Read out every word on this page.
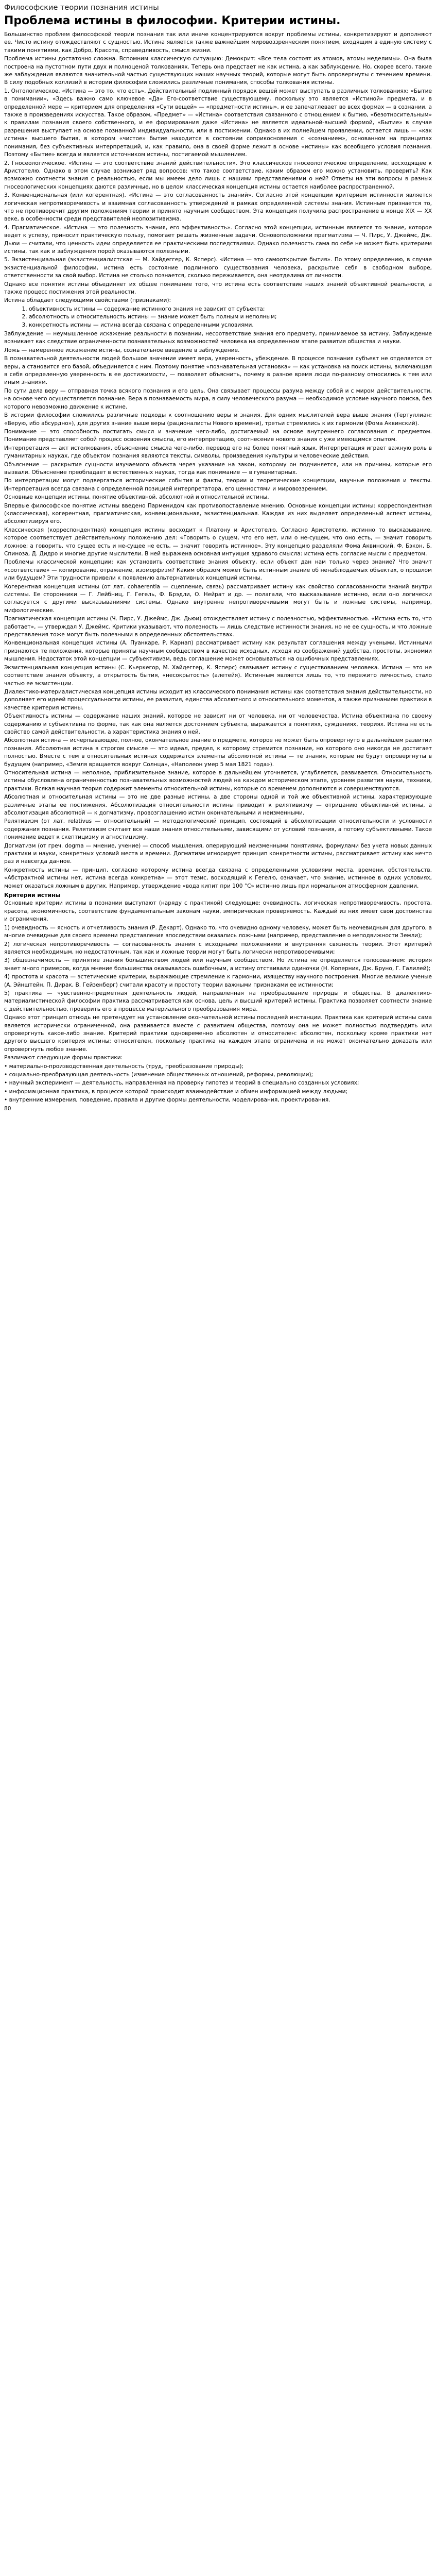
Философские теории познания истины
Проблема истины в философии. Критерии истины.

Большинство проблем философской теории познания так или иначе концентрируются вокруг проблемы истины, конкретизируют и дополняют ее. Чисто истину отождествляют с сущностью. Истина является также важнейшим мировоззренческим понятием, входящим в единую систему с такими понятиями, как Добро, Красота, справедливость, смысл жизни.

Проблема истины достаточно сложна. Вспомним классическую ситуацию: Демокрит: «Все тела состоят из атомов, атомы неделимы». Она была построена на пустотном пути двух и полноценой толкованиях. Теперь она предстает не как истина, а как заблуждение. Но, скорее всего, такие же заблуждения являются значительной частью существующих наших научных теорий, которые могут быть опровергнуты с течением времени. В силу подобных коллизий в истории философии сложились различные понимания, способы толкования истины.

1. Онтологическое. «Истина — это то, что есть». Действительный подлинный порядок вещей может выступать в различных толкованиях: «Бытие в понимании», «Здесь важно само ключевое «Да» Его-соответствие существующему, поскольку это является «Истиной» предмета, и в определенной мере — критерием для определения «Сути вещей» — «предметности истины», и ее запечатлевает во всех формах — в сознании, а также в произведениях искусства. Такое образом, «Предмет» — «Истина» соответствия связанного с отношением к бытию, «безотносительным» к правилам познания своего собственного, и ее формирования даже «Истина» не является идеальной-высшей формой, «Бытие» в случае разрешения выступает на основе познанной индивидуальности, или в постижении. Однако в их полнейшем проявлении, остается лишь — «как истина» высшего бытия, в котором «чистое» бытие находится в состоянии соприкосновения с «сознанием», основанном на принципах понимания, без субъективных интерпретаций, и, как правило, она в своей форме лежит в основе «истины» как всеобщего условия познания. Поэтому «Бытие» всегда и является источником истины, постигаемой мышлением.

2. Гносеологическое. «Истина — это соответствие знаний действительности». Это классическое гносеологическое определение, восходящее к Аристотелю. Однако в этом случае возникает ряд вопросов: что такое соответствие, каким образом его можно установить, проверить? Как возможно соотнести знания с реальностью, если мы имеем дело лишь с нашими представлениями о ней? Ответы на эти вопросы в разных гносеологических концепциях даются различные, но в целом классическая концепция истины остается наиболее распространенной.

3. Конвенциональная (или когерентная). «Истина — это согласованность знаний». Согласно этой концепции критерием истинности является логическая непротиворечивость и взаимная согласованность утверждений в рамках определенной системы знания. Истинным признается то, что не противоречит другим положениям теории и принято научным сообществом. Эта концепция получила распространение в конце XIX — XX веке, в особенности среди представителей неопозитивизма.

4. Прагматическое. «Истина — это полезность знания, его эффективность». Согласно этой концепции, истинным является то знание, которое ведет к успеху, приносит практическую пользу, помогает решать жизненные задачи. Основоположники прагматизма — Ч. Пирс, У. Джеймс, Дж. Дьюи — считали, что ценность идеи определяется ее практическими последствиями. Однако полезность сама по себе не может быть критерием истины, так как и заблуждения порой оказываются полезными.

5. Экзистенциальная (экзистенциалистская — М. Хайдеггер, К. Ясперс). «Истина — это самооткрытие бытия». По этому определению, в случае экзистенциальной философии, истина есть состояние подлинного существования человека, раскрытие себя в свободном выборе, ответственности за свой выбор. Истина не столько познается, сколько переживается, она неотделима от личности.

Однако все понятия истины объединяет их общее понимание того, что истина есть соответствие наших знаний объективной реальности, а также процесс постижения этой реальности.

Истина обладает следующими свойствами (признаками):

1. объективность истины — содержание истинного знания не зависит от субъекта;
2. абсолютность и относительность истины — знание может быть полным и неполным;
3. конкретность истины — истина всегда связана с определенными условиями.

Заблуждение — неумышленное искажение реальности в познании, несоответствие знания его предмету, принимаемое за истину. Заблуждение возникает как следствие ограниченности познавательных возможностей человека на определенном этапе развития общества и науки.

Ложь — намеренное искажение истины, сознательное введение в заблуждение.

В познавательной деятельности людей большое значение имеет вера, уверенность, убеждение. В процессе познания субъект не отделяется от веры, а становится его базой, объединяется с ним. Поэтому понятие «познавательная установка» — как установка на поиск истины, включающая в себя определенную уверенность в ее достижимости, — позволяет объяснить, почему в разное время люди по-разному относились к тем или иным знаниям.

По сути дела веру — отправная точка всякого познания и его цель. Она связывает процессы разума между собой и с миром действительности, на основе чего осуществляется познание. Вера в познаваемость мира, в силу человеческого разума — необходимое условие научного поиска, без которого невозможно движение к истине.

В истории философии сложились различные подходы к соотношению веры и знания. Для одних мыслителей вера выше знания (Тертуллиан: «Верую, ибо абсурдно»), для других знание выше веры (рационалисты Нового времени), третьи стремились к их гармонии (Фома Аквинский).

Понимание — это способность постигать смысл и значение чего-либо, достигаемый на основе внутреннего согласования с предметом. Понимание представляет собой процесс освоения смысла, его интерпретацию, соотнесение нового знания с уже имеющимся опытом.

Интерпретация — акт истолкования, объяснение смысла чего-либо, перевод его на более понятный язык. Интерпретация играет важную роль в гуманитарных науках, где объектом познания являются тексты, символы, произведения культуры и человеческие действия.

Объяснение — раскрытие сущности изучаемого объекта через указание на закон, которому он подчиняется, или на причины, которые его вызвали. Объяснение преобладает в естественных науках, тогда как понимание — в гуманитарных.

По интерпретации могут подвергаться исторические события и факты, теории и теоретические концепции, научные положения и тексты. Интерпретация всегда связана с определенной позицией интерпретатора, его ценностями и мировоззрением.

Основные концепции истины, понятие объективной, абсолютной и относительной истины.

Впервые философское понятие истины введено Парменидом как противопоставление мнению. Основные концепции истины: корреспондентная (классическая), когерентная, прагматическая, конвенциональная, экзистенциальная. Каждая из них выделяет определенный аспект истины, абсолютизируя его.

Классическая (корреспондентная) концепция истины восходит к Платону и Аристотелю. Согласно Аристотелю, истинно то высказывание, которое соответствует действительному положению дел: «Говорить о сущем, что его нет, или о не-сущем, что оно есть, — значит говорить ложное; а говорить, что сущее есть и не-сущее не есть, — значит говорить истинное». Эту концепцию разделяли Фома Аквинский, Ф. Бэкон, Б. Спиноза, Д. Дидро и многие другие мыслители. В ней выражена основная интуиция здравого смысла: истина есть согласие мысли с предметом.

Проблемы классической концепции: как установить соответствие знания объекту, если объект дан нам только через знание? Что значит «соответствие» — копирование, отражение, изоморфизм? Каким образом может быть истинным знание об ненаблюдаемых объектах, о прошлом или будущем? Эти трудности привели к появлению альтернативных концепций истины.

Когерентная концепция истины (от лат. cohaerentia — сцепление, связь) рассматривает истину как свойство согласованности знаний внутри системы. Ее сторонники — Г. Лейбниц, Г. Гегель, Ф. Брэдли, О. Нейрат и др. — полагали, что высказывание истинно, если оно логически согласуется с другими высказываниями системы. Однако внутренне непротиворечивыми могут быть и ложные системы, например, мифологические.

Прагматическая концепция истины (Ч. Пирс, У. Джеймс, Дж. Дьюи) отождествляет истину с полезностью, эффективностью. «Истина есть то, что работает», — утверждал У. Джеймс. Критики указывают, что полезность — лишь следствие истинности знания, но не ее сущность, и что ложные представления тоже могут быть полезными в определенных обстоятельствах.

Конвенциональная концепция истины (А. Пуанкаре, Р. Карнап) рассматривает истину как результат соглашения между учеными. Истинными признаются те положения, которые приняты научным сообществом в качестве исходных, исходя из соображений удобства, простоты, экономии мышления. Недостаток этой концепции — субъективизм, ведь соглашение может основываться на ошибочных представлениях.

Экзистенциальная концепция истины (С. Кьеркегор, М. Хайдеггер, К. Ясперс) связывает истину с существованием человека. Истина — это не соответствие знания объекту, а открытость бытия, «несокрытость» (алетейя). Истинным является лишь то, что пережито личностью, стало частью ее экзистенции.

Диалектико-материалистическая концепция истины исходит из классического понимания истины как соответствия знания действительности, но дополняет его идеей процессуальности истины, ее развития, единства абсолютного и относительного моментов, а также признанием практики в качестве критерия истины.

Объективность истины — содержание наших знаний, которое не зависит ни от человека, ни от человечества. Истина объективна по своему содержанию и субъективна по форме, так как она является достоянием субъекта, выражается в понятиях, суждениях, теориях. Истина не есть свойство самой действительности, а характеристика знания о ней.

Абсолютная истина — исчерпывающее, полное, окончательное знание о предмете, которое не может быть опровергнуто в дальнейшем развитии познания. Абсолютная истина в строгом смысле — это идеал, предел, к которому стремится познание, но которого оно никогда не достигает полностью. Вместе с тем в относительных истинах содержатся элементы абсолютной истины — те знания, которые не будут опровергнуты в будущем (например, «Земля вращается вокруг Солнца», «Наполеон умер 5 мая 1821 года»).

Относительная истина — неполное, приблизительное знание, которое в дальнейшем уточняется, углубляется, развивается. Относительность истины обусловлена ограниченностью познавательных возможностей людей на каждом историческом этапе, уровнем развития науки, техники, практики. Всякая научная теория содержит элементы относительной истины, которые со временем дополняются и совершенствуются.

Абсолютная и относительная истины — это не две разные истины, а две стороны одной и той же объективной истины, характеризующие различные этапы ее постижения. Абсолютизация относительности истины приводит к релятивизму — отрицанию объективной истины, а абсолютизация абсолютной — к догматизму, провозглашению истин окончательными и неизменными.

Релятивизм (от лат. relativus — относительный) — методологический принцип, состоящий в абсолютизации относительности и условности содержания познания. Релятивизм считает все наши знания относительными, зависящими от условий познания, а потому субъективными. Такое понимание ведет к скептицизму и агностицизму.

Догматизм (от греч. dogma — мнение, учение) — способ мышления, оперирующий неизменными понятиями, формулами без учета новых данных практики и науки, конкретных условий места и времени. Догматизм игнорирует принцип конкретности истины, рассматривает истину как нечто раз и навсегда данное.

Конкретность истины — принцип, согласно которому истина всегда связана с определенными условиями места, времени, обстоятельств. «Абстрактной истины нет, истина всегда конкретна» — этот тезис, восходящий к Гегелю, означает, что знание, истинное в одних условиях, может оказаться ложным в других. Например, утверждение «вода кипит при 100 °C» истинно лишь при нормальном атмосферном давлении.

Критерии истины

Основные критерии истины в познании выступают (наряду с практикой) следующие: очевидность, логическая непротиворечивость, простота, красота, экономичность, соответствие фундаментальным законам науки, эмпирическая проверяемость. Каждый из них имеет свои достоинства и ограничения.

1) очевидность — ясность и отчетливость знания (Р. Декарт). Однако то, что очевидно одному человеку, может быть неочевидным для другого, а многие очевидные для своего времени представления впоследствии оказались ложными (например, представление о неподвижности Земли);

2) логическая непротиворечивость — согласованность знания с исходными положениями и внутренняя связность теории. Этот критерий является необходимым, но недостаточным, так как и ложные теории могут быть логически непротиворечивыми;

3) общезначимость — принятие знания большинством людей или научным сообществом. Но истина не определяется голосованием: история знает много примеров, когда мнение большинства оказывалось ошибочным, а истину отстаивали одиночки (Н. Коперник, Дж. Бруно, Г. Галилей);

4) простота и красота — эстетические критерии, выражающие стремление к гармонии, изяществу научного построения. Многие великие ученые (А. Эйнштейн, П. Дирак, В. Гейзенберг) считали красоту и простоту теории важными признаками ее истинности;

5) практика — чувственно-предметная деятельность людей, направленная на преобразование природы и общества. В диалектико-материалистической философии практика рассматривается как основа, цель и высший критерий истины. Практика позволяет соотнести знание с действительностью, проверить его в процессе материального преобразования мира.

Однако этот принцип отнюдь не претендует на установление окончательной истины последней инстанции. Практика как критерий истины сама является исторически ограниченной, она развивается вместе с развитием общества, поэтому она не может полностью подтвердить или опровергнуть какое-либо знание. Критерий практики одновременно абсолютен и относителен: абсолютен, поскольку кроме практики нет другого высшего критерия истины; относителен, поскольку практика на каждом этапе ограничена и не может окончательно доказать или опровергнуть любое знание.

Различают следующие формы практики:

• материально-производственная деятельность (труд, преобразование природы);

• социально-преобразующая деятельность (изменение общественных отношений, реформы, революции);

• научный эксперимент — деятельность, направленная на проверку гипотез и теорий в специально созданных условиях;

• информационная практика, в процессе которой происходит взаимодействие и обмен информацией между людьми;

• внутренние измерения, поведение, правила и другие формы деятельности, моделирования, проектирования.

80
